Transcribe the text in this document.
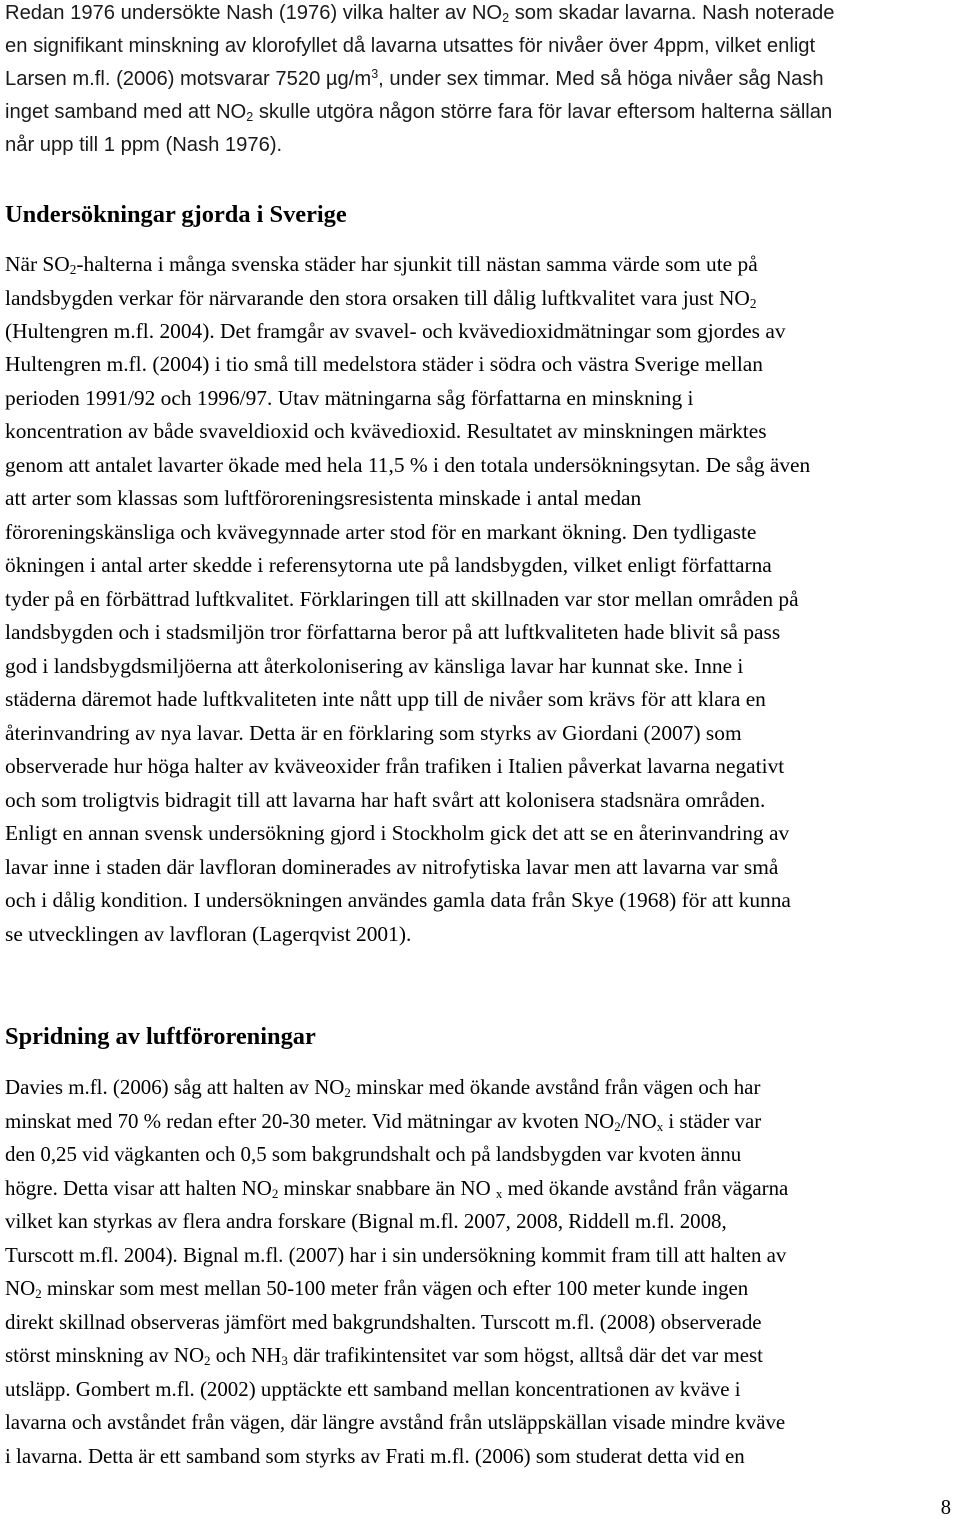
Redan 1976 undersökte Nash (1976) vilka halter av $NO_2$ som skadar lavarna. Nash noterade
en signifikant minskning av klorofyllet då lavarna utsattes för nivåer över 4ppm, vilket enligt
Larsen m.fl. (2006) motsvarar 7520 $\mu g/m^3$, under sex timmar. Med så höga nivåer såg Nash
inget samband med att $NO_2$ skulle utgöra någon större fara för lavar eftersom halterna sällan
når upp till 1 ppm (Nash 1976).
Undersökningar gjorda i Sverige
När $SO_2$-halterna i många svenska städer har sjunkit till nästan samma värde som ute på
landsbygden verkar för närvarande den stora orsaken till dålig luftkvalitet vara just $NO_2$
(Hultengren m.fl. 2004). Det framgår av svavel- och kvävedioxidmätningar som gjordes av
Hultengren m.fl. (2004) i tio små till medelstora städer i södra och västra Sverige mellan
perioden 1991/92 och 1996/97. Utav mätningarna såg författarna en minskning i
koncentration av både svaveldioxid och kvävedioxid. Resultatet av minskningen märktes
genom att antalet lavarter ökade med hela 11,5 % i den totala undersökningsytan. De såg även
att arter som klassas som luftföroreningsresistenta minskade i antal medan
föroreningskänsliga och kvävegynnade arter stod för en markant ökning. Den tydligaste
ökningen i antal arter skedde i referensytorna ute på landsbygden, vilket enligt författarna
tyder på en förbättrad luftkvalitet. Förklaringen till att skillnaden var stor mellan områden på
landsbygden och i stadsmiljön tror författarna beror på att luftkvaliteten hade blivit så pass
god i landsbygdsmiljöerna att återkolonisering av känsliga lavar har kunnat ske. Inne i
städerna däremot hade luftkvaliteten inte nått upp till de nivåer som krävs för att klara en
återinvandring av nya lavar. Detta är en förklaring som styrks av Giordani (2007) som
observerade hur höga halter av kväveoxider från trafiken i Italien påverkat lavarna negativt
och som troligtvis bidragit till att lavarna har haft svårt att kolonisera stadsnära områden.
Enligt en annan svensk undersökning gjord i Stockholm gick det att se en återinvandring av
lavar inne i staden där lavfloran dominerades av nitrofytiska lavar men att lavarna var små
och i dålig kondition. I undersökningen användes gamla data från Skye (1968) för att kunna
se utvecklingen av lavfloran (Lagerqvist 2001).
Spridning av luftföroreningar
Davies m.fl. (2006) såg att halten av $NO_2$ minskar med ökande avstånd från vägen och har
minskat med 70 % redan efter 20-30 meter. Vid mätningar av kvoten $NO_2/NO_x$ i städer var
den 0,25 vid vägkanten och 0,5 som bakgrundshalt och på landsbygden var kvoten ännu
högre. Detta visar att halten $NO_2$ minskar snabbare än NO $_x$ med ökande avstånd från vägarna
vilket kan styrkas av flera andra forskare (Bignal m.fl. 2007, 2008, Riddell m.fl. 2008,
Turscott m.fl. 2004). Bignal m.fl. (2007) har i sin undersökning kommit fram till att halten av
$NO_2$ minskar som mest mellan 50-100 meter från vägen och efter 100 meter kunde ingen
direkt skillnad observeras jämfört med bakgrundshalten. Turscott m.fl. (2008) observerade
störst minskning av $NO_2$ och $NH_3$ där trafikintensitet var som högst, alltså där det var mest
utsläpp. Gombert m.fl. (2002) upptäckte ett samband mellan koncentrationen av kväve i
lavarna och avståndet från vägen, där längre avstånd från utsläppskällan visade mindre kväve
i lavarna. Detta är ett samband som styrks av Frati m.fl. (2006) som studerat detta vid en
8
